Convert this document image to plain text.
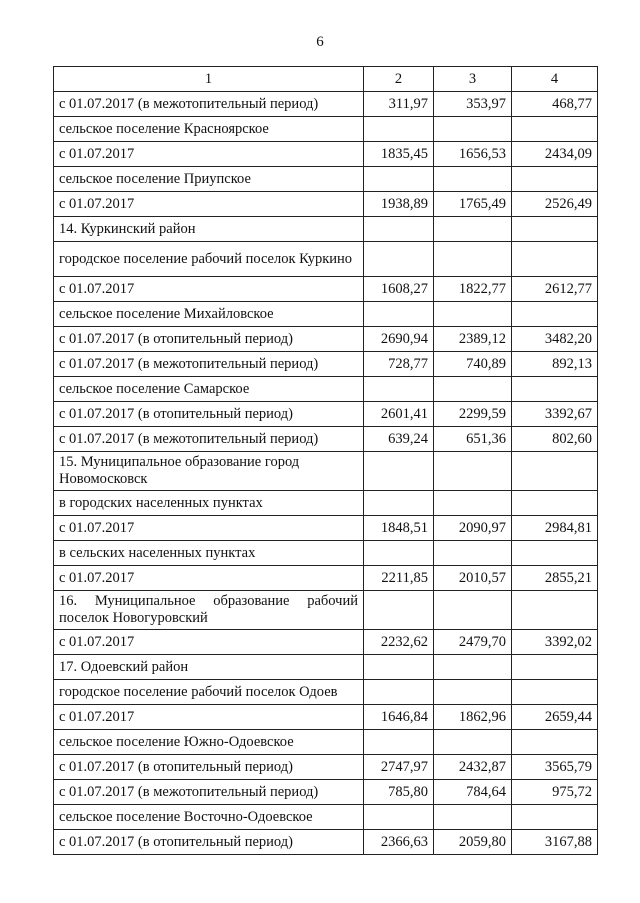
6
1	2	3	4
с 01.07.2017 (в межотопительный период)	311,97	353,97	468,77
сельское поселение Красноярское			
с 01.07.2017	1835,45	1656,53	2434,09
сельское поселение Приупское			
с 01.07.2017	1938,89	1765,49	2526,49
14. Куркинский район			
городское поселение рабочий поселок Куркино			
с 01.07.2017	1608,27	1822,77	2612,77
сельское поселение Михайловское			
с 01.07.2017 (в отопительный период)	2690,94	2389,12	3482,20
с 01.07.2017 (в межотопительный период)	728,77	740,89	892,13
сельское поселение Самарское			
с 01.07.2017 (в отопительный период)	2601,41	2299,59	3392,67
с 01.07.2017 (в межотопительный период)	639,24	651,36	802,60
15. Муниципальное образование город Новомосковск			
в городских населенных пунктах			
с 01.07.2017	1848,51	2090,97	2984,81
в сельских населенных пунктах			
с 01.07.2017	2211,85	2010,57	2855,21
16. Муниципальное образование рабочий поселок Новогуровский			
с 01.07.2017	2232,62	2479,70	3392,02
17. Одоевский район			
городское поселение рабочий поселок Одоев			
с 01.07.2017	1646,84	1862,96	2659,44
сельское поселение Южно-Одоевское			
с 01.07.2017 (в отопительный период)	2747,97	2432,87	3565,79
с 01.07.2017 (в межотопительный период)	785,80	784,64	975,72
сельское поселение Восточно-Одоевское			
с 01.07.2017 (в отопительный период)	2366,63	2059,80	3167,88
